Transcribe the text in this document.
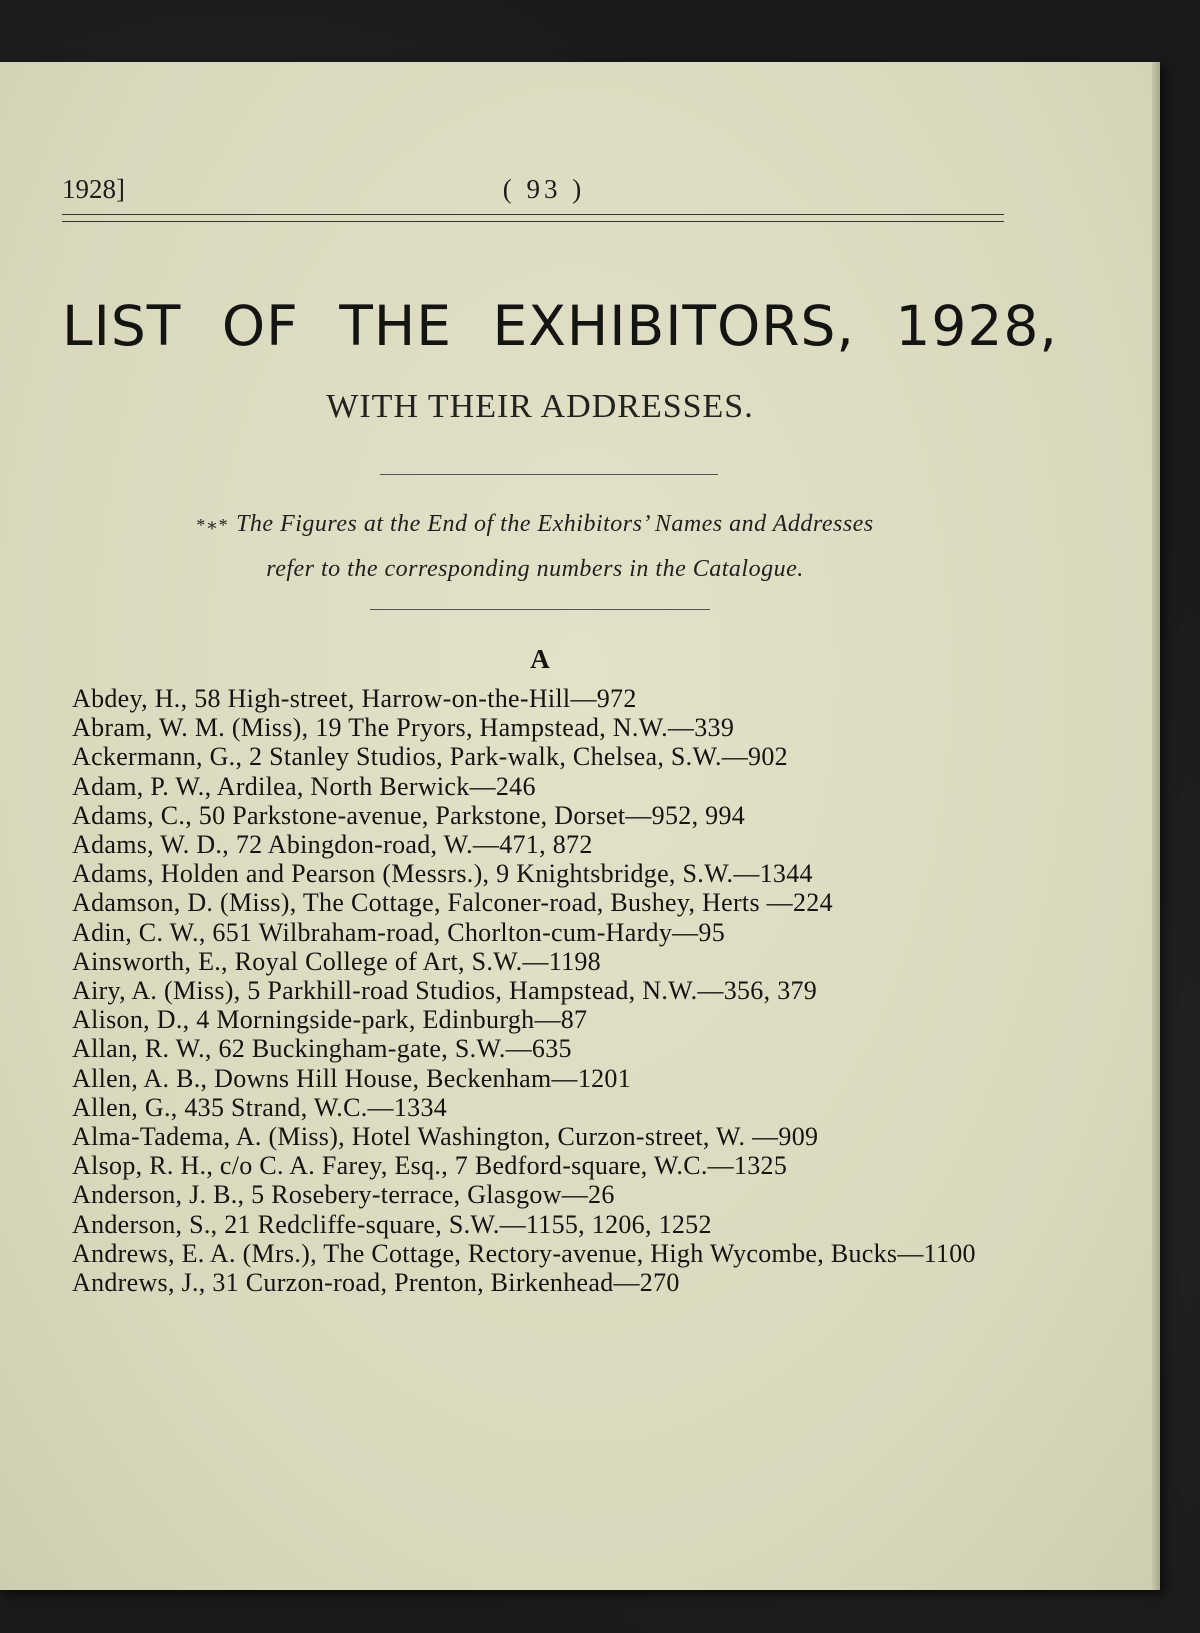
1928]	( 93 )
LIST OF THE EXHIBITORS, 1928,
WITH THEIR ADDRESSES.
*∗* The Figures at the End of the Exhibitors’ Names and Addresses
refer to the corresponding numbers in the Catalogue.
A
Abdey, H., 58 High-street, Harrow-on-the-Hill—972
Abram, W. M. (Miss), 19 The Pryors, Hampstead, N.W.—339
Ackermann, G., 2 Stanley Studios, Park-walk, Chelsea, S.W.—902
Adam, P. W., Ardilea, North Berwick—246
Adams, C., 50 Parkstone-avenue, Parkstone, Dorset—952, 994
Adams, W. D., 72 Abingdon-road, W.—471, 872
Adams, Holden and Pearson (Messrs.), 9 Knightsbridge, S.W.—1344
Adamson, D. (Miss), The Cottage, Falconer-road, Bushey, Herts —224
Adin, C. W., 651 Wilbraham-road, Chorlton-cum-Hardy—95
Ainsworth, E., Royal College of Art, S.W.—1198
Airy, A. (Miss), 5 Parkhill-road Studios, Hampstead, N.W.—356, 379
Alison, D., 4 Morningside-park, Edinburgh—87
Allan, R. W., 62 Buckingham-gate, S.W.—635
Allen, A. B., Downs Hill House, Beckenham—1201
Allen, G., 435 Strand, W.C.—1334
Alma-Tadema, A. (Miss), Hotel Washington, Curzon-street, W. —909
Alsop, R. H., c/o C. A. Farey, Esq., 7 Bedford-square, W.C.—1325
Anderson, J. B., 5 Rosebery-terrace, Glasgow—26
Anderson, S., 21 Redcliffe-square, S.W.—1155, 1206, 1252
Andrews, E. A. (Mrs.), The Cottage, Rectory-avenue, High Wycombe, Bucks—1100
Andrews, J., 31 Curzon-road, Prenton, Birkenhead—270
